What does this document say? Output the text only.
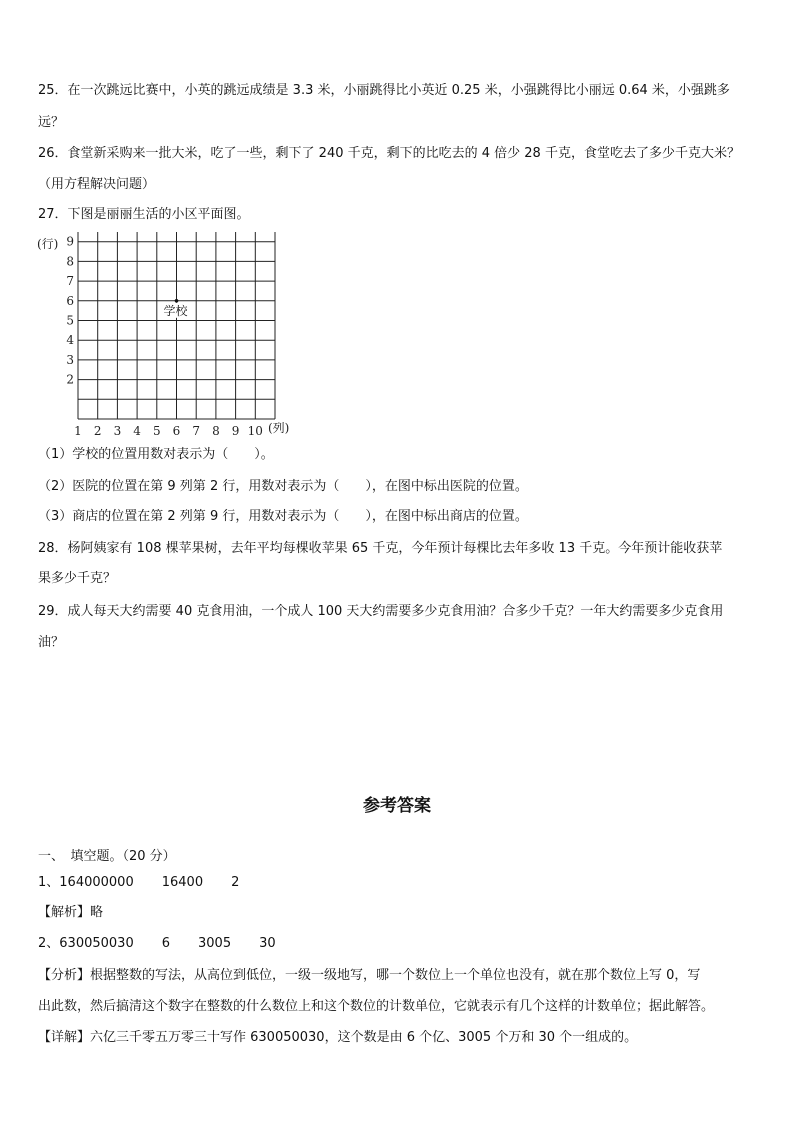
25．在一次跳远比赛中，小英的跳远成绩是 3.3 米，小丽跳得比小英近 0.25 米，小强跳得比小丽远 0.64 米，小强跳多
远？
26．食堂新采购来一批大米，吃了一些，剩下了 240 千克，剩下的比吃去的 4 倍少 28 千克，食堂吃去了多少千克大米？
（用方程解决问题）
27．下图是丽丽生活的小区平面图。
9
8
7
6
5
4
3
2
1 2 3 4 5 6 7 8 9 10
(行)
(列)
学校
（1）学校的位置用数对表示为（　　）。
（2）医院的位置在第 9 列第 2 行，用数对表示为（　　），在图中标出医院的位置。
（3）商店的位置在第 2 列第 9 行，用数对表示为（　　），在图中标出商店的位置。
28．杨阿姨家有 108 棵苹果树，去年平均每棵收苹果 65 千克，今年预计每棵比去年多收 13 千克。今年预计能收获苹
果多少千克？
29．成人每天大约需要 40 克食用油，一个成人 100 天大约需要多少克食用油？合多少千克？一年大约需要多少克食用
油？
参考答案
一、　填空题。（20 分）
1、164000000 16400 2
【解析】略
2、630050030 6 3005 30
【分析】根据整数的写法，从高位到低位，一级一级地写，哪一个数位上一个单位也没有，就在那个数位上写 0，写
出此数，然后搞清这个数字在整数的什么数位上和这个数位的计数单位，它就表示有几个这样的计数单位；据此解答。
【详解】六亿三千零五万零三十写作 630050030，这个数是由 6 个亿、3005 个万和 30 个一组成的。
